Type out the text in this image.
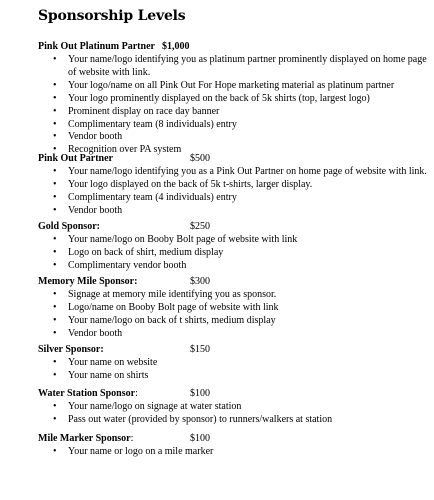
Sponsorship Levels
Pink Out Platinum Partner $1,000
• Your name/logo identifying you as platinum partner prominently displayed on home page of website with link.
• Your logo/name on all Pink Out For Hope marketing material as platinum partner
• Your logo prominently displayed on the back of 5k shirts (top, largest logo)
• Prominent display on race day banner
• Complimentary team (8 individuals) entry
• Vendor booth
• Recognition over PA system
Pink Out Partner	$500
• Your name/logo identifying you as a Pink Out Partner on home page of website with link.
• Your logo displayed on the back of 5k t-shirts, larger display.
• Complimentary team (4 individuals) entry
• Vendor booth
Gold Sponsor:	$250
• Your name/logo on Booby Bolt page of website with link
• Logo on back of shirt, medium display
• Complimentary vendor booth
Memory Mile Sponsor:	$300
• Signage at memory mile identifying you as sponsor.
• Logo/name on Booby Bolt page of website with link
• Your name/logo on back of t shirts, medium display
• Vendor booth
Silver Sponsor:	$150
• Your name on website
• Your name on shirts
Water Station Sponsor:	$100
• Your name/logo on signage at water station
• Pass out water (provided by sponsor) to runners/walkers at station
Mile Marker Sponsor:	$100
• Your name or logo on a mile marker
